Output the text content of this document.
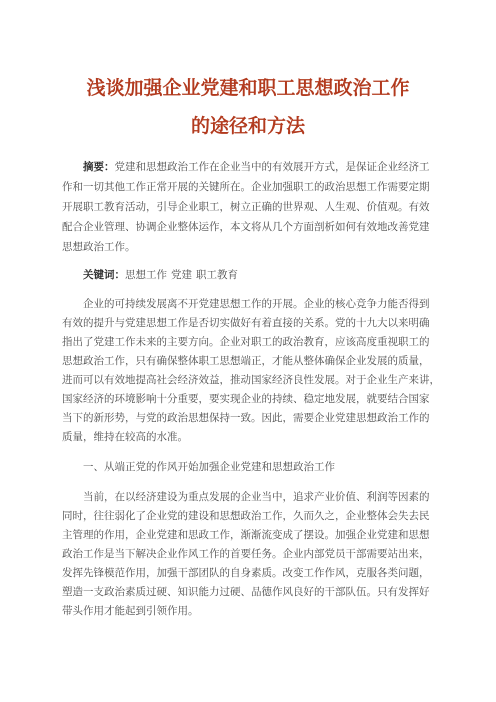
浅谈加强企业党建和职工思想政治工作
的途径和方法
摘要：党建和思想政治工作在企业当中的有效展开方式，是保证企业经济工
作和一切其他工作正常开展的关键所在。企业加强职工的政治思想工作需要定期
开展职工教育活动，引导企业职工，树立正确的世界观、人生观、价值观。有效
配合企业管理、协调企业整体运作，本文将从几个方面剖析如何有效地改善党建
思想政治工作。
关键词：思想工作 党建 职工教育
企业的可持续发展离不开党建思想工作的开展。企业的核心竞争力能否得到
有效的提升与党建思想工作是否切实做好有着直接的关系。党的十九大以来明确
指出了党建工作未来的主要方向。企业对职工的政治教育，应该高度重视职工的
思想政治工作，只有确保整体职工思想端正，才能从整体确保企业发展的质量，
进而可以有效地提高社会经济效益，推动国家经济良性发展。对于企业生产来讲，
国家经济的环境影响十分重要，要实现企业的持续、稳定地发展，就要结合国家
当下的新形势，与党的政治思想保持一致。因此，需要企业党建思想政治工作的
质量，维持在较高的水准。
一、从端正党的作风开始加强企业党建和思想政治工作
当前，在以经济建设为重点发展的企业当中，追求产业价值、利润等因素的
同时，往往弱化了企业党的建设和思想政治工作，久而久之，企业整体会失去民
主管理的作用，企业党建和思政工作，渐渐流变成了摆设。加强企业党建和思想
政治工作是当下解决企业作风工作的首要任务。企业内部党员干部需要站出来，
发挥先锋模范作用，加强干部团队的自身素质。改变工作作风，克服各类问题，
塑造一支政治素质过硬、知识能力过硬、品德作风良好的干部队伍。只有发挥好
带头作用才能起到引领作用。
